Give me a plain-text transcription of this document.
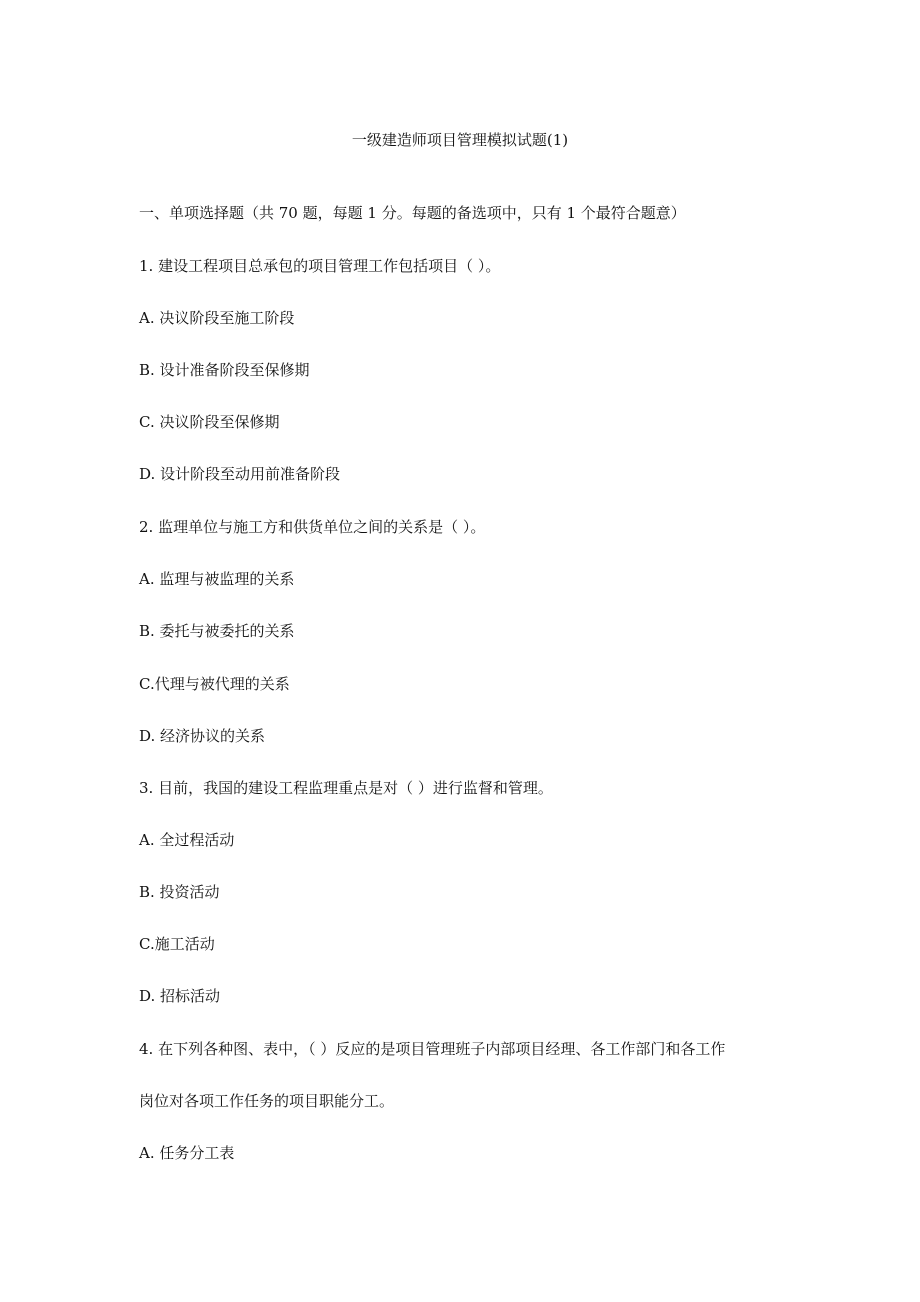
一级建造师项目管理模拟试题(1)
一、单项选择题（共 70 题，每题 1 分。每题的备选项中，只有 1 个最符合题意）
1. 建设工程项目总承包的项目管理工作包括项目（ ）。
A. 决议阶段至施工阶段
B. 设计准备阶段至保修期
C. 决议阶段至保修期
D. 设计阶段至动用前准备阶段
2. 监理单位与施工方和供货单位之间的关系是（ ）。
A. 监理与被监理的关系
B. 委托与被委托的关系
C.代理与被代理的关系
D. 经济协议的关系
3. 目前，我国的建设工程监理重点是对（ ）进行监督和管理。
A. 全过程活动
B. 投资活动
C.施工活动
D. 招标活动
4. 在下列各种图、表中，（ ）反应的是项目管理班子内部项目经理、各工作部门和各工作
岗位对各项工作任务的项目职能分工。
A. 任务分工表
